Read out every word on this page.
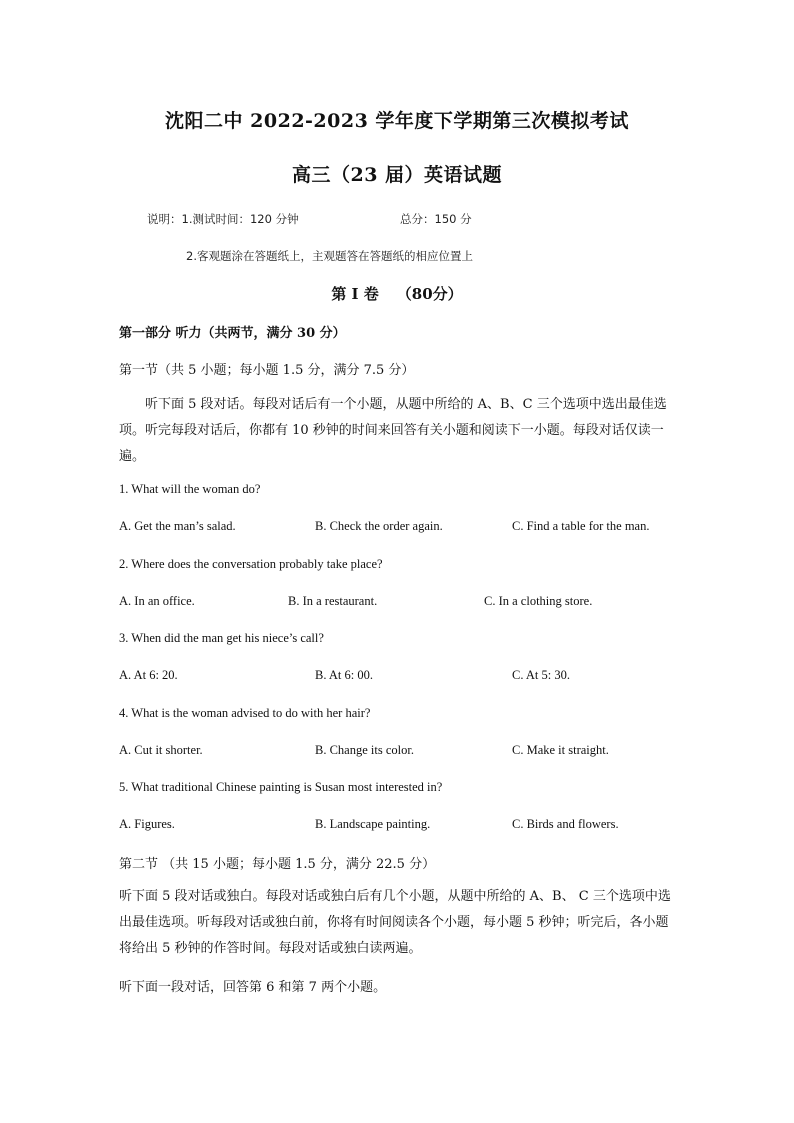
沈阳二中 2022-2023 学年度下学期第三次模拟考试
高三（23 届）英语试题
说明：1.测试时间：120 分钟	总分：150 分
2.客观题涂在答题纸上，主观题答在答题纸的相应位置上
第 I 卷 （80分）
第一部分 听力（共两节，满分 30 分）
第一节（共 5 小题；每小题 1.5 分，满分 7.5 分）
听下面 5 段对话。每段对话后有一个小题，从题中所给的 A、B、C 三个选项中选出最佳选项。听完每段对话后，你都有 10 秒钟的时间来回答有关小题和阅读下一小题。每段对话仅读一遍。
1. What will the woman do?
A. Get the man’s salad.	B. Check the order again.	C. Find a table for the man.
2. Where does the conversation probably take place?
A. In an office.	B. In a restaurant.	C. In a clothing store.
3. When did the man get his niece’s call?
A. At 6: 20.	B. At 6: 00.	C. At 5: 30.
4. What is the woman advised to do with her hair?
A. Cut it shorter.	B. Change its color.	C. Make it straight.
5. What traditional Chinese painting is Susan most interested in?
A. Figures.	B. Landscape painting.	C. Birds and flowers.
第二节 （共 15 小题；每小题 1.5 分，满分 22.5 分）
听下面 5 段对话或独白。每段对话或独白后有几个小题，从题中所给的 A、B、 C 三个选项中选出最佳选项。听每段对话或独白前，你将有时间阅读各个小题，每小题 5 秒钟；听完后，各小题将给出 5 秒钟的作答时间。每段对话或独白读两遍。
听下面一段对话，回答第 6 和第 7 两个小题。
